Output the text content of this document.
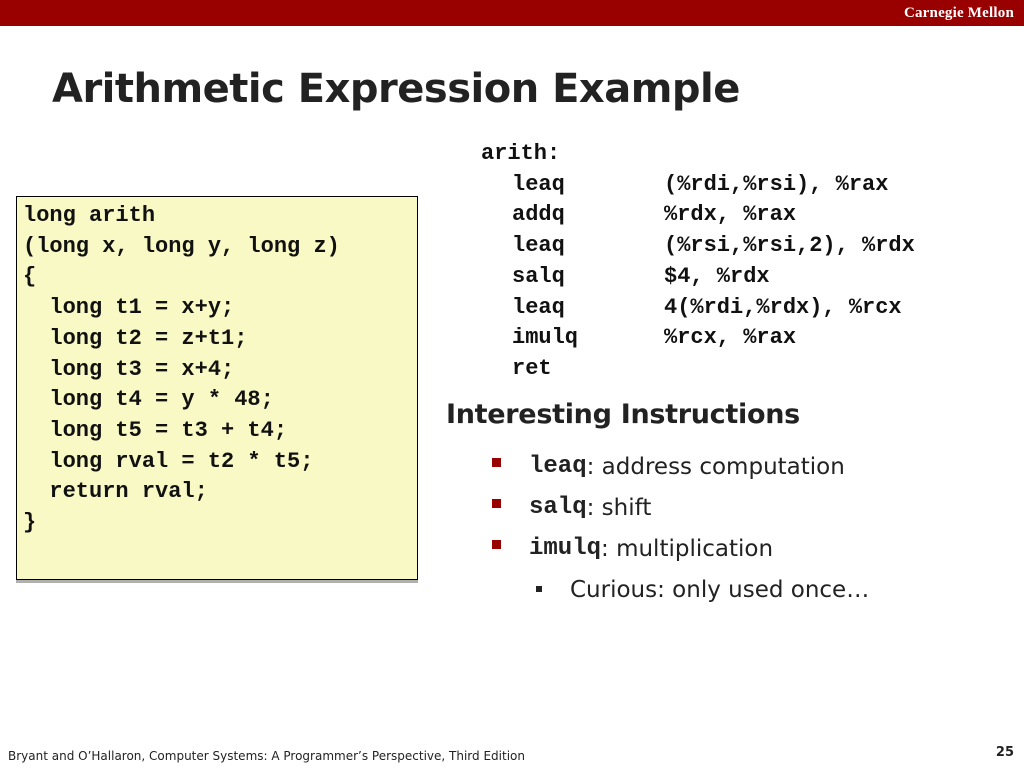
Carnegie Mellon
Arithmetic Expression Example
long arith
(long x, long y, long z)
{
long t1 = x+y;
long t2 = z+t1;
long t3 = x+4;
long t4 = y * 48;
long t5 = t3 + t4;
long rval = t2 * t5;
return rval;
}
arith:
leaq	(%rdi,%rsi), %rax
addq	%rdx, %rax
leaq	(%rsi,%rsi,2), %rdx
salq	$4, %rdx
leaq	4(%rdi,%rdx), %rcx
imulq	%rcx, %rax
ret
Interesting Instructions
leaq : address computation
salq : shift
imulq : multiplication
Curious: only used once…
Bryant and O’Hallaron, Computer Systems: A Programmer’s Perspective, Third Edition	25
